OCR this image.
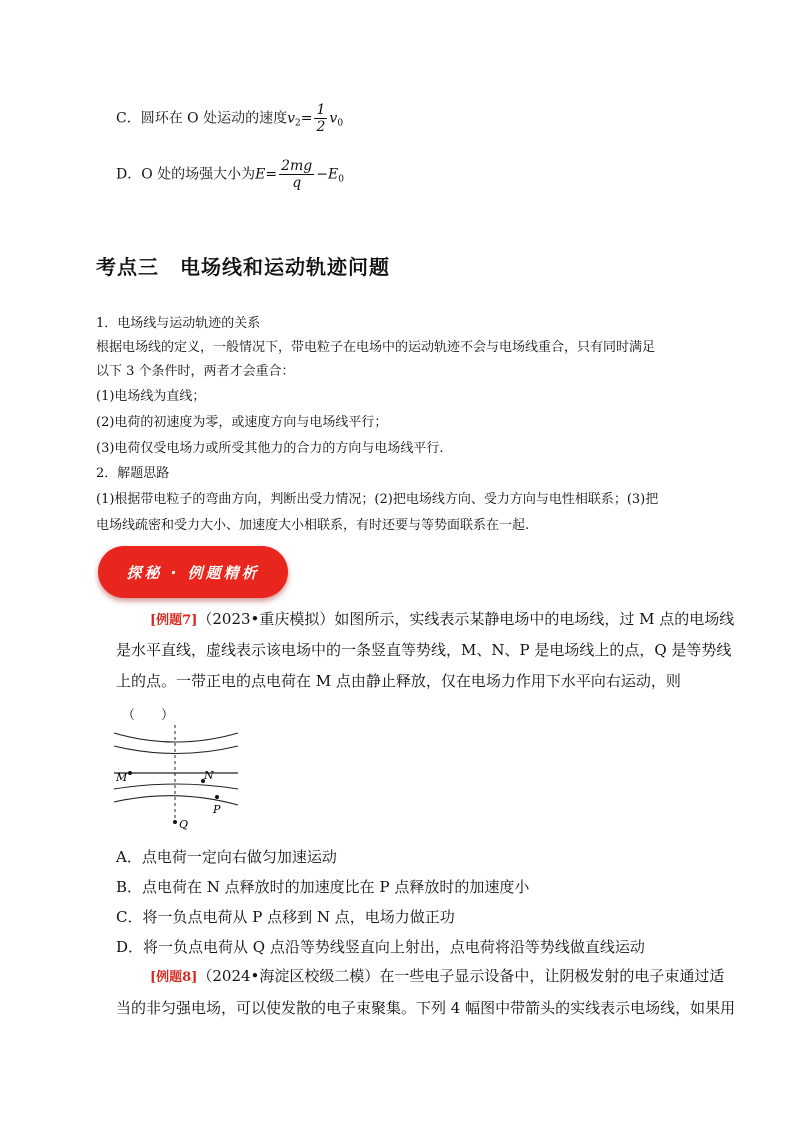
C．圆环在 O 处运动的速度$v_2= \frac{1}{2} v_0$
D．O 处的场强大小为$E= \frac{2mg}{q} -E_0$
考点三　电场线和运动轨迹问题
1．电场线与运动轨迹的关系
根据电场线的定义，一般情况下，带电粒子在电场中的运动轨迹不会与电场线重合，只有同时满足
以下 3 个条件时，两者才会重合：
(1)电场线为直线；
(2)电荷的初速度为零，或速度方向与电场线平行；
(3)电荷仅受电场力或所受其他力的合力的方向与电场线平行.
2．解题思路
(1)根据带电粒子的弯曲方向，判断出受力情况；(2)把电场线方向、受力方向与电性相联系；(3)把
电场线疏密和受力大小、加速度大小相联系，有时还要与等势面联系在一起.
探秘 · 例题精析
[例题7]（2023•重庆模拟）如图所示，实线表示某静电场中的电场线，过 M 点的电场线
是水平直线，虚线表示该电场中的一条竖直等势线，M、N、P 是电场线上的点，Q 是等势线
上的点。一带正电的点电荷在 M 点由静止释放，仅在电场力作用下水平向右运动，则
（　　）
M	N
P
Q
A．点电荷一定向右做匀加速运动
B．点电荷在 N 点释放时的加速度比在 P 点释放时的加速度小
C．将一负点电荷从 P 点移到 N 点，电场力做正功
D．将一负点电荷从 Q 点沿等势线竖直向上射出，点电荷将沿等势线做直线运动
[例题8]（2024•海淀区校级二模）在一些电子显示设备中，让阴极发射的电子束通过适
当的非匀强电场，可以使发散的电子束聚集。下列 4 幅图中带箭头的实线表示电场线，如果用
